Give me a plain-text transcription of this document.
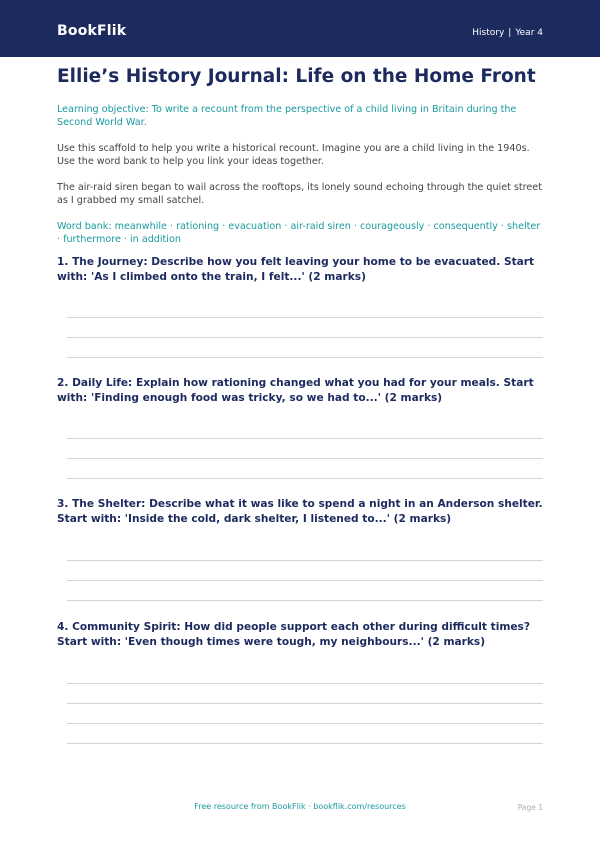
BookFlik	History | Year 4
Ellie’s History Journal: Life on the Home Front

Learning objective: To write a recount from the perspective of a child living in Britain during the Second World War.

Use this scaffold to help you write a historical recount. Imagine you are a child living in the 1940s. Use the word bank to help you link your ideas together.

The air-raid siren began to wail across the rooftops, its lonely sound echoing through the quiet street as I grabbed my small satchel.

Word bank: meanwhile · rationing · evacuation · air-raid siren · courageously · consequently · shelter · furthermore · in addition

1. The Journey: Describe how you felt leaving your home to be evacuated. Start with: 'As I climbed onto the train, I felt...' (2 marks)

2. Daily Life: Explain how rationing changed what you had for your meals. Start with: 'Finding enough food was tricky, so we had to...' (2 marks)

3. The Shelter: Describe what it was like to spend a night in an Anderson shelter. Start with: 'Inside the cold, dark shelter, I listened to...' (2 marks)

4. Community Spirit: How did people support each other during difficult times? Start with: 'Even though times were tough, my neighbours...' (2 marks)

Free resource from BookFlik · bookflik.com/resources	Page 1
